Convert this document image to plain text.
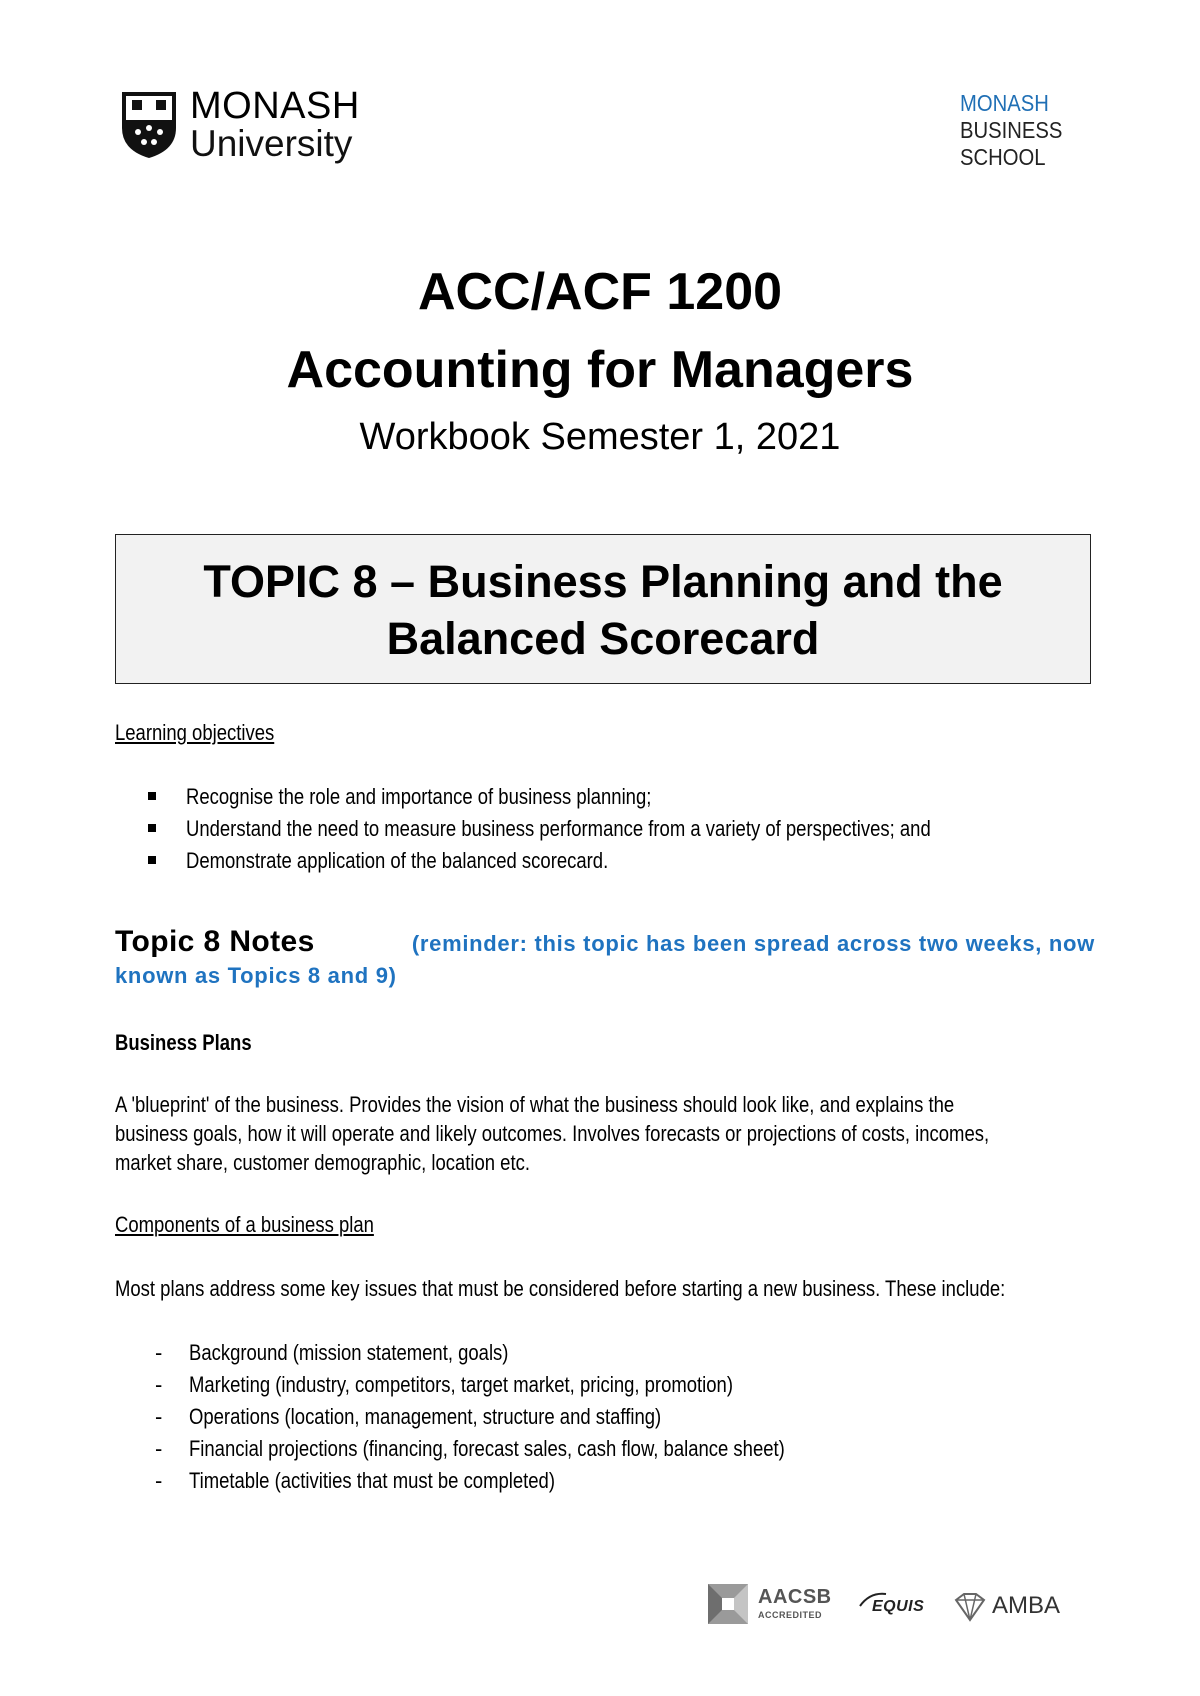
MONASH
University
MONASH
BUSINESS
SCHOOL
ACC/ACF 1200
Accounting for Managers
Workbook Semester 1, 2021
TOPIC 8 – Business Planning and the
Balanced Scorecard
Learning objectives
Recognise the role and importance of business planning;
Understand the need to measure business performance from a variety of perspectives; and
Demonstrate application of the balanced scorecard.
Topic 8 Notes	(reminder: this topic has been spread across two weeks, now
known as Topics 8 and 9)
Business Plans
A 'blueprint' of the business. Provides the vision of what the business should look like, and explains the
business goals, how it will operate and likely outcomes. Involves forecasts or projections of costs, incomes,
market share, customer demographic, location etc.
Components of a business plan
Most plans address some key issues that must be considered before starting a new business. These include:
- Background (mission statement, goals)
- Marketing (industry, competitors, target market, pricing, promotion)
- Operations (location, management, structure and staffing)
- Financial projections (financing, forecast sales, cash flow, balance sheet)
- Timetable (activities that must be completed)
AACSB
ACCREDITED	EQUIS	AMBA
